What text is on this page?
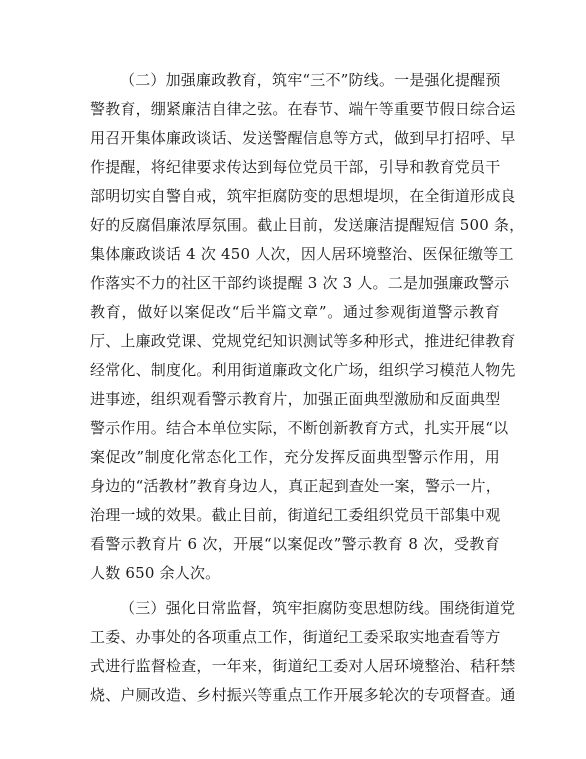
（二）加强廉政教育，筑牢“三不”防线。一是强化提醒预
警教育，绷紧廉洁自律之弦。在春节、端午等重要节假日综合运
用召开集体廉政谈话、发送警醒信息等方式，做到早打招呼、早
作提醒，将纪律要求传达到每位党员干部，引导和教育党员干
部明切实自警自戒，筑牢拒腐防变的思想堤坝，在全街道形成良
好的反腐倡廉浓厚氛围。截止目前，发送廉洁提醒短信 500 条，
集体廉政谈话 4 次 450 人次，因人居环境整治、医保征缴等工
作落实不力的社区干部约谈提醒 3 次 3 人。二是加强廉政警示
教育，做好以案促改“后半篇文章”。通过参观街道警示教育
厅、上廉政党课、党规党纪知识测试等多种形式，推进纪律教育
经常化、制度化。利用街道廉政文化广场，组织学习模范人物先
进事迹，组织观看警示教育片，加强正面典型激励和反面典型
警示作用。结合本单位实际，不断创新教育方式，扎实开展“以
案促改”制度化常态化工作，充分发挥反面典型警示作用，用
身边的“活教材”教育身边人，真正起到查处一案，警示一片，
治理一域的效果。截止目前，街道纪工委组织党员干部集中观
看警示教育片 6 次，开展“以案促改”警示教育 8 次，受教育
人数 650 余人次。
（三）强化日常监督，筑牢拒腐防变思想防线。围绕街道党
工委、办事处的各项重点工作，街道纪工委采取实地查看等方
式进行监督检查，一年来，街道纪工委对人居环境整治、秸秆禁
烧、户厕改造、乡村振兴等重点工作开展多轮次的专项督查。通
